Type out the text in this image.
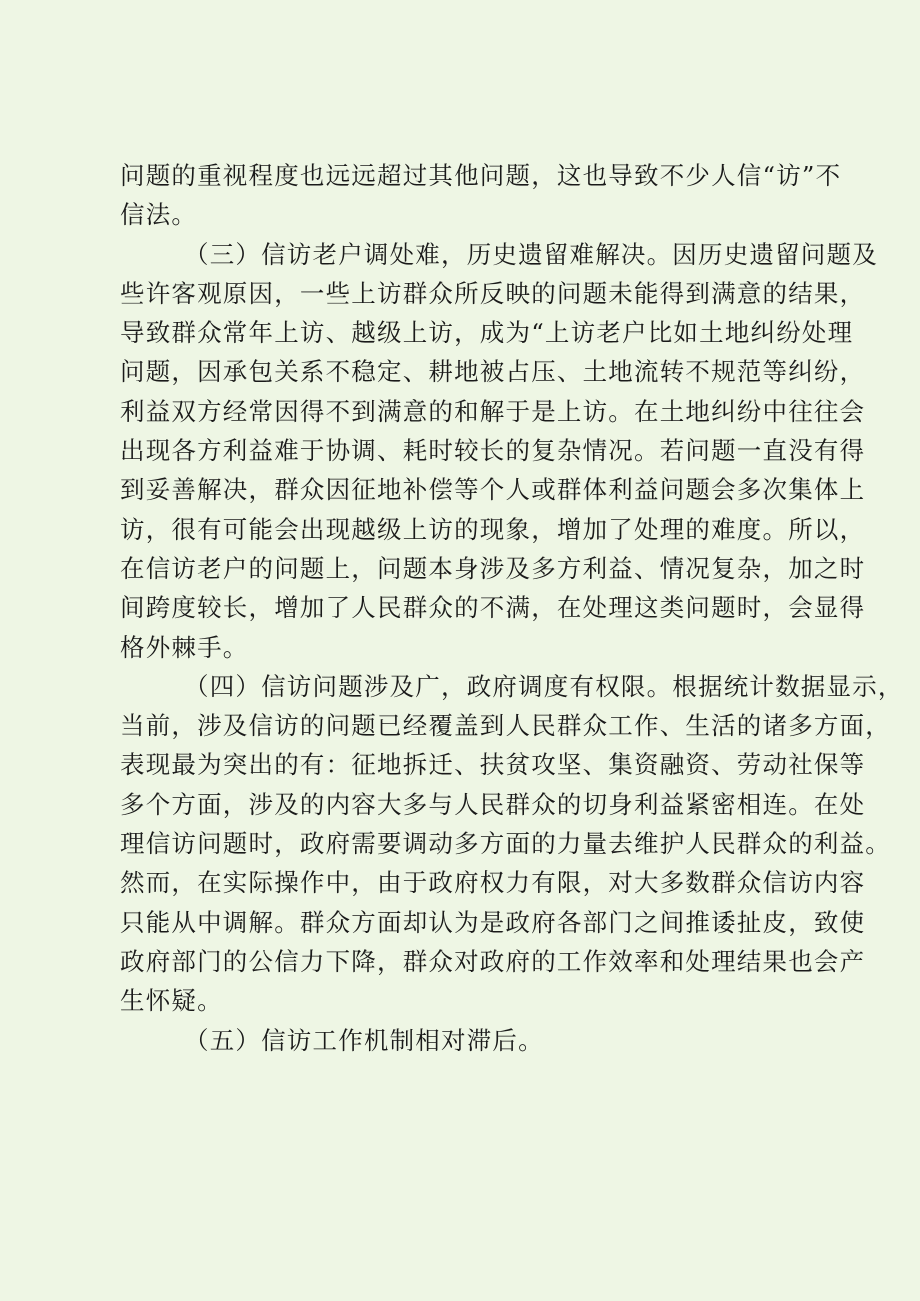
问题的重视程度也远远超过其他问题，这也导致不少人信“访”不
信法。

（三）信访老户调处难，历史遗留难解决。因历史遗留问题及
些许客观原因，一些上访群众所反映的问题未能得到满意的结果，
导致群众常年上访、越级上访，成为“上访老户比如土地纠纷处理
问题，因承包关系不稳定、耕地被占压、土地流转不规范等纠纷，
利益双方经常因得不到满意的和解于是上访。在土地纠纷中往往会
出现各方利益难于协调、耗时较长的复杂情况。若问题一直没有得
到妥善解决，群众因征地补偿等个人或群体利益问题会多次集体上
访，很有可能会出现越级上访的现象，增加了处理的难度。所以，
在信访老户的问题上，问题本身涉及多方利益、情况复杂，加之时
间跨度较长，增加了人民群众的不满，在处理这类问题时，会显得
格外棘手。

（四）信访问题涉及广，政府调度有权限。根据统计数据显示，
当前，涉及信访的问题已经覆盖到人民群众工作、生活的诸多方面，
表现最为突出的有：征地拆迁、扶贫攻坚、集资融资、劳动社保等
多个方面，涉及的内容大多与人民群众的切身利益紧密相连。在处
理信访问题时，政府需要调动多方面的力量去维护人民群众的利益。
然而，在实际操作中，由于政府权力有限，对大多数群众信访内容
只能从中调解。群众方面却认为是政府各部门之间推诿扯皮，致使
政府部门的公信力下降，群众对政府的工作效率和处理结果也会产
生怀疑。

（五）信访工作机制相对滞后。
